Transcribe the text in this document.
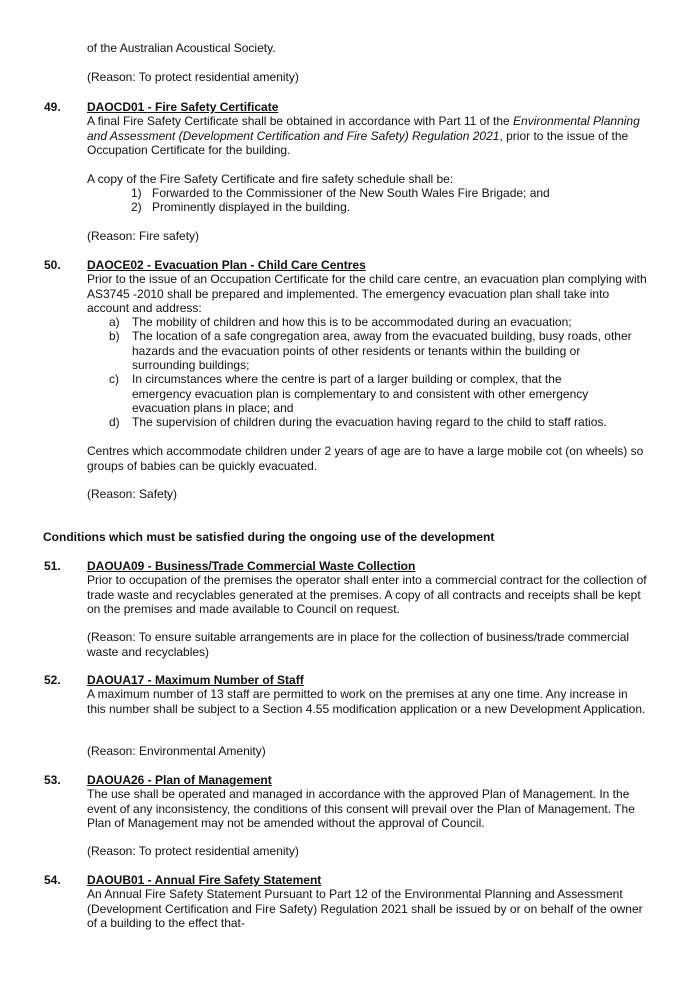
of the Australian Acoustical Society.

(Reason: To protect residential amenity)

49. DAOCD01 - Fire Safety Certificate

A final Fire Safety Certificate shall be obtained in accordance with Part 11 of the Environmental Planning and Assessment (Development Certification and Fire Safety) Regulation 2021, prior to the issue of the Occupation Certificate for the building.

A copy of the Fire Safety Certificate and fire safety schedule shall be:

1) Forwarded to the Commissioner of the New South Wales Fire Brigade; and
2) Prominently displayed in the building.

(Reason: Fire safety)

50. DAOCE02 - Evacuation Plan - Child Care Centres

Prior to the issue of an Occupation Certificate for the child care centre, an evacuation plan complying with AS3745 -2010 shall be prepared and implemented. The emergency evacuation plan shall take into account and address:

a) The mobility of children and how this is to be accommodated during an evacuation;
b) The location of a safe congregation area, away from the evacuated building, busy roads, other hazards and the evacuation points of other residents or tenants within the building or surrounding buildings;
c) In circumstances where the centre is part of a larger building or complex, that the emergency evacuation plan is complementary to and consistent with other emergency evacuation plans in place; and
d) The supervision of children during the evacuation having regard to the child to staff ratios.

Centres which accommodate children under 2 years of age are to have a large mobile cot (on wheels) so groups of babies can be quickly evacuated.

(Reason: Safety)

Conditions which must be satisfied during the ongoing use of the development

51. DAOUA09 - Business/Trade Commercial Waste Collection

Prior to occupation of the premises the operator shall enter into a commercial contract for the collection of trade waste and recyclables generated at the premises. A copy of all contracts and receipts shall be kept on the premises and made available to Council on request.

(Reason: To ensure suitable arrangements are in place for the collection of business/trade commercial waste and recyclables)

52. DAOUA17 - Maximum Number of Staff

A maximum number of 13 staff are permitted to work on the premises at any one time. Any increase in this number shall be subject to a Section 4.55 modification application or a new Development Application.

(Reason: Environmental Amenity)

53. DAOUA26 - Plan of Management

The use shall be operated and managed in accordance with the approved Plan of Management. In the event of any inconsistency, the conditions of this consent will prevail over the Plan of Management. The Plan of Management may not be amended without the approval of Council.

(Reason: To protect residential amenity)

54. DAOUB01 - Annual Fire Safety Statement

An Annual Fire Safety Statement Pursuant to Part 12 of the Environmental Planning and Assessment (Development Certification and Fire Safety) Regulation 2021 shall be issued by or on behalf of the owner of a building to the effect that-
